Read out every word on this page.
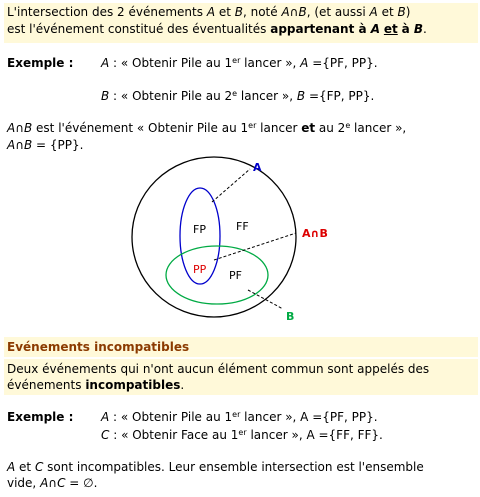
L'intersection des 2 événements A et B, noté A∩B, (et aussi A et B)
est l'événement constitué des éventualités appartenant à A et à B.
Exemple : A : « Obtenir Pile au 1er lancer », A ={PF, PP}.
B : « Obtenir Pile au 2e lancer », B ={FP, PP}.
A∩B est l'événement « Obtenir Pile au 1er lancer et au 2e lancer »,
A∩B = {PP}.
FP	FF
PP PF
A
A∩B
B
Evénements incompatibles
Deux événements qui n'ont aucun élément commun sont appelés des
événements incompatibles.
Exemple : A : « Obtenir Pile au 1er lancer », A ={PF, PP}.
C : « Obtenir Face au 1er lancer », A ={FF, FF}.
A et C sont incompatibles. Leur ensemble intersection est l'ensemble
vide, A∩C = ∅.
